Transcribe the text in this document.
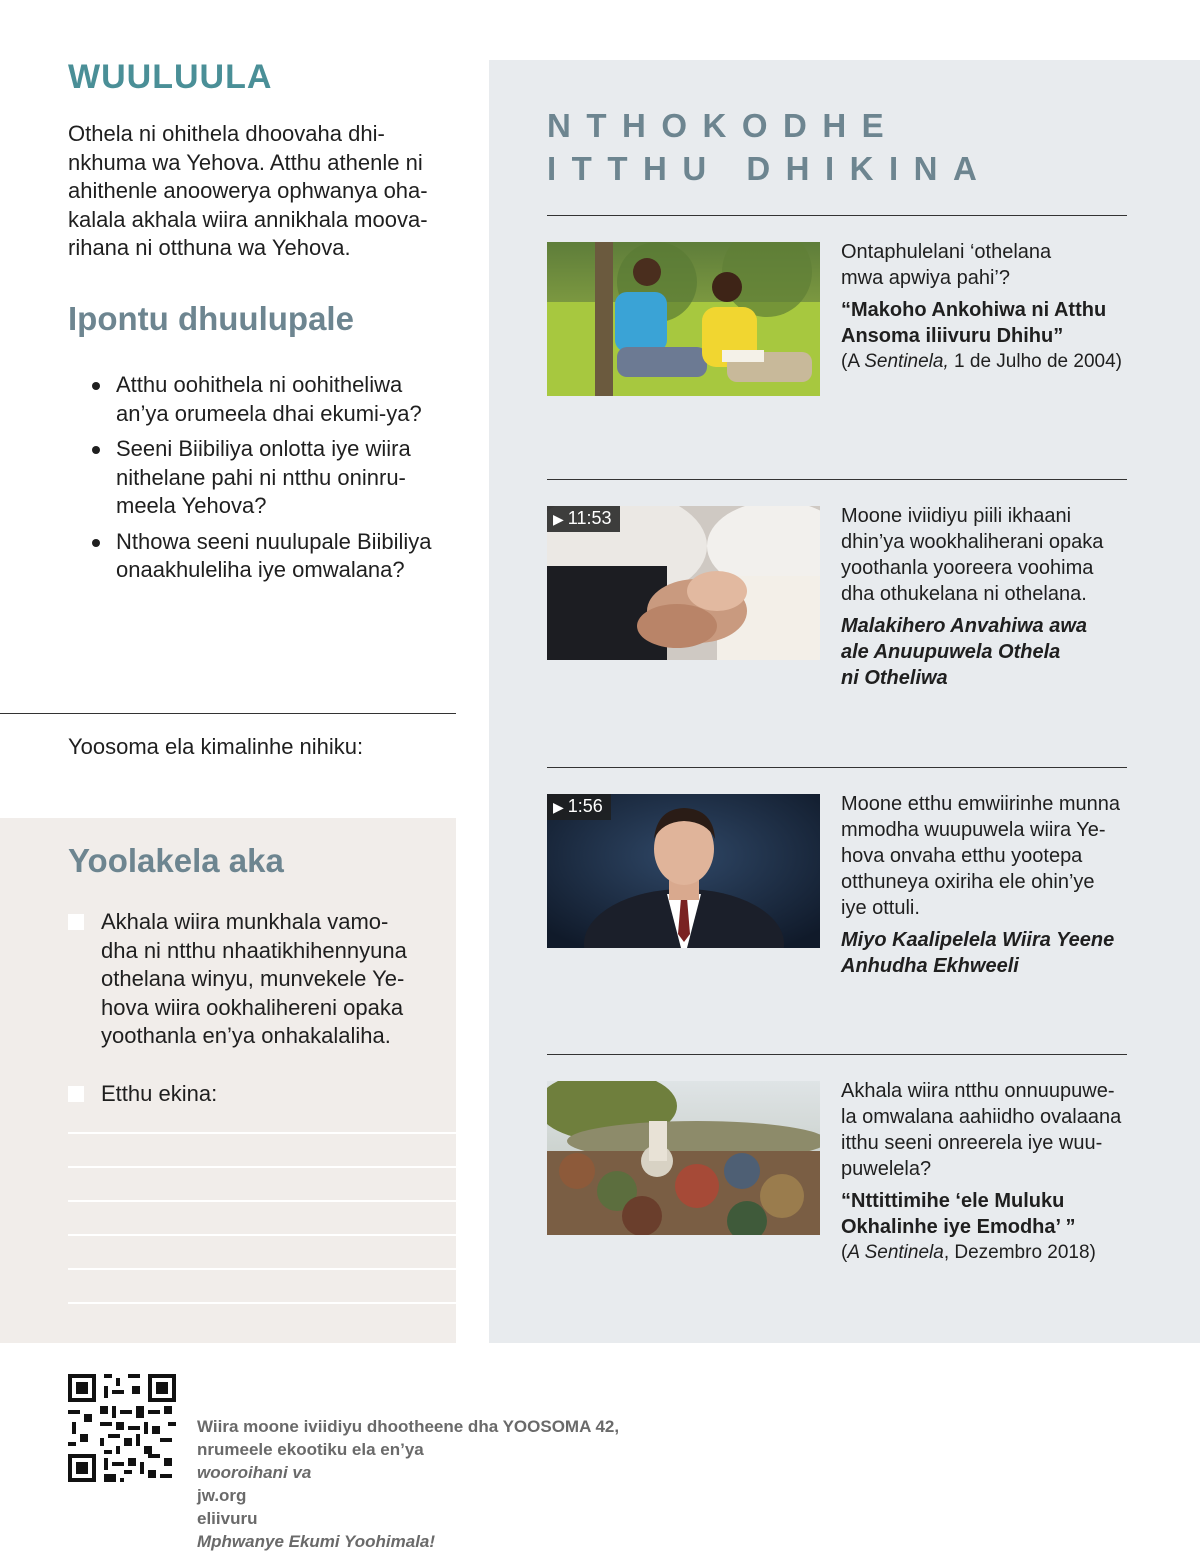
WUULUULA

Othela ni ohithela dhoovaha dhi-
nkhuma wa Yehova. Atthu athenle ni
ahithenle anoowerya ophwanya oha-
kalala akhala wiira annikhala moova-
rihana ni otthuna wa Yehova.

Ipontu dhuulupale
Atthu oohithela ni oohitheliwa
an’ya orumeela dhai ekumi-ya?
Seeni Biibiliya onlotta iye wiira
nithelane pahi ni ntthu oninru-
meela Yehova?
Nthowa seeni nuulupale Biibiliya
onaakhuleliha iye omwalana?

Yoosoma ela kimalinhe nihiku:

Yoolakela aka
Akhala wiira munkhala vamo-
dha ni ntthu nhaatikhihennyuna
othelana winyu, munvekele Ye-
hova wiira ookhalihereni opaka
yoothanla en’ya onhakalaliha.
Etthu ekina:
NTHOKODHE
ITTHU DHIKINA

Ontaphulelani ‘othelana
mwa apwiya pahi’?

“Makoho Ankohiwa ni Atthu
Ansoma iliivuru Dhihu”

(A Sentinela, 1 de Julho de 2004)

▶ 11:53	Moone iviidiyu piili ikhaani
dhin’ya wookhaliherani opaka
yoothanla yooreera voohima
dha othukelana ni othelana.

Malakihero Anvahiwa awa
ale Anuupuwela Othela
ni Otheliwa

▶ 1:56	Moone etthu emwiirinhe munna
mmodha wuupuwela wiira Ye-
hova onvaha etthu yootepa
otthuneya oxiriha ele ohin’ye
iye ottuli.

Miyo Kaalipelela Wiira Yeene
Anhudha Ekhweeli

Akhala wiira ntthu onnuupuwe-
la omwalana aahiidho ovalaana
itthu seeni onreerela iye wuu-
puwelela?

“Nttittimihe ‘ele Muluku
Okhalinhe iye Emodha’ ”

(A Sentinela, Dezembro 2018)

Wiira moone iviidiyu dhootheene dha YOOSOMA 42,
nrumeele ekootiku ela en’ya
wooroihani va
jw.org
eliivuru
Mphwanye Ekumi Yoohimala!
